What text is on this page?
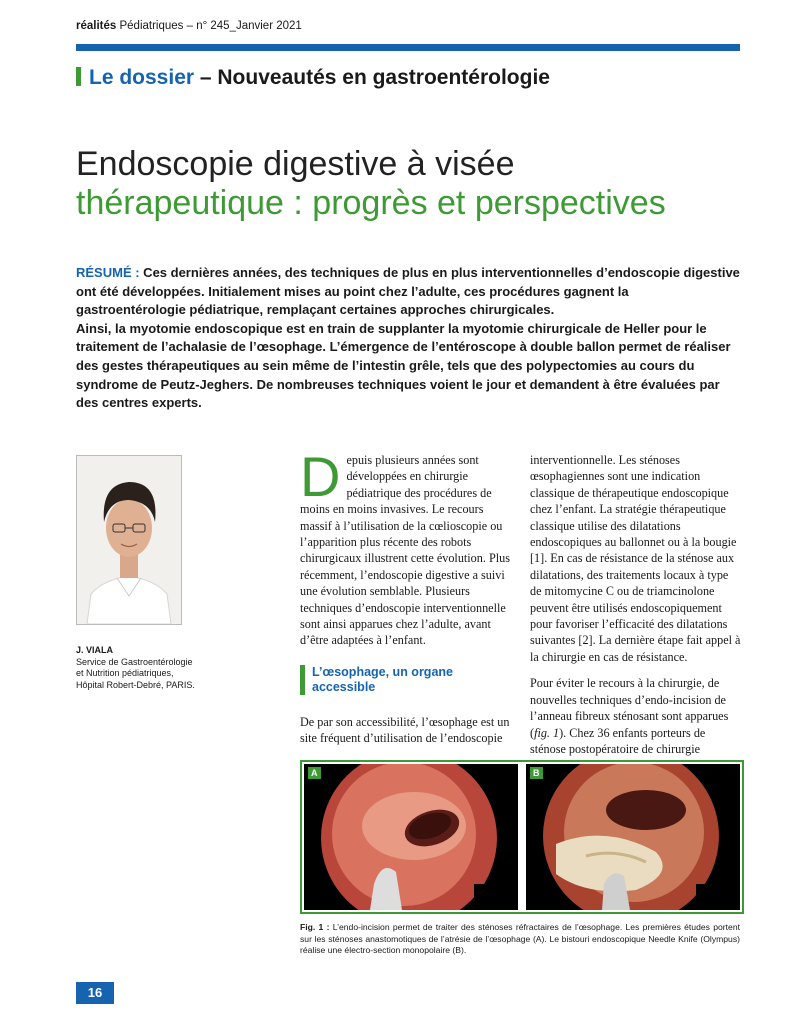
réalités Pédiatriques – n° 245_Janvier 2021
Le dossier – Nouveautés en gastroentérologie
Endoscopie digestive à visée
thérapeutique : progrès et perspectives

RÉSUMÉ : Ces dernières années, des techniques de plus en plus interventionnelles d’endoscopie digestive ont été développées. Initialement mises au point chez l’adulte, ces procédures gagnent la gastroentérologie pédiatrique, remplaçant certaines approches chirurgicales.

Ainsi, la myotomie endoscopique est en train de supplanter la myotomie chirurgicale de Heller pour le traitement de l’achalasie de l’œsophage. L’émergence de l’entéroscope à double ballon permet de réaliser des gestes thérapeutiques au sein même de l’intestin grêle, tels que des polypectomies au cours du syndrome de Peutz-Jeghers. De nombreuses techniques voient le jour et demandent à être évaluées par des centres experts.

J. VIALA
Service de Gastroentérologie
et Nutrition pédiatriques,
Hôpital Robert-Debré, PARIS.
Depuis plusieurs années sont développées en chirurgie pédiatrique des procédures de moins en moins invasives. Le recours massif à l’utilisation de la cœlioscopie ou l’apparition plus récente des robots chirurgicaux illustrent cette évolution. Plus récemment, l’endoscopie digestive a suivi une évolution semblable. Plusieurs techniques d’endoscopie interventionnelle sont ainsi apparues chez l’adulte, avant d’être adaptées à l’enfant.
L’œsophage, un organe accessible
De par son accessibilité, l’œsophage est un site fréquent d’utilisation de l’endoscopie

interventionnelle. Les sténoses œsophagiennes sont une indication classique de thérapeutique endoscopique chez l’enfant. La stratégie thérapeutique classique utilise des dilatations endoscopiques au ballonnet ou à la bougie [1]. En cas de résistance de la sténose aux dilatations, des traitements locaux à type de mitomycine C ou de triamcinolone peuvent être utilisés endoscopiquement pour favoriser l’efficacité des dilatations suivantes [2]. La dernière étape fait appel à la chirurgie en cas de résistance.

Pour éviter le recours à la chirurgie, de nouvelles techniques d’endo-incision de l’anneau fibreux sténosant sont apparues (fig. 1). Chez 36 enfants porteurs de sténose postopératoire de chirurgie

A	B
Fig. 1 : L’endo-incision permet de traiter des sténoses réfractaires de l’œsophage. Les premières études portent sur les sténoses anastomotiques de l’atrésie de l’œsophage (A). Le bistouri endoscopique Needle Knife (Olympus) réalise une électro-section monopolaire (B).
16
